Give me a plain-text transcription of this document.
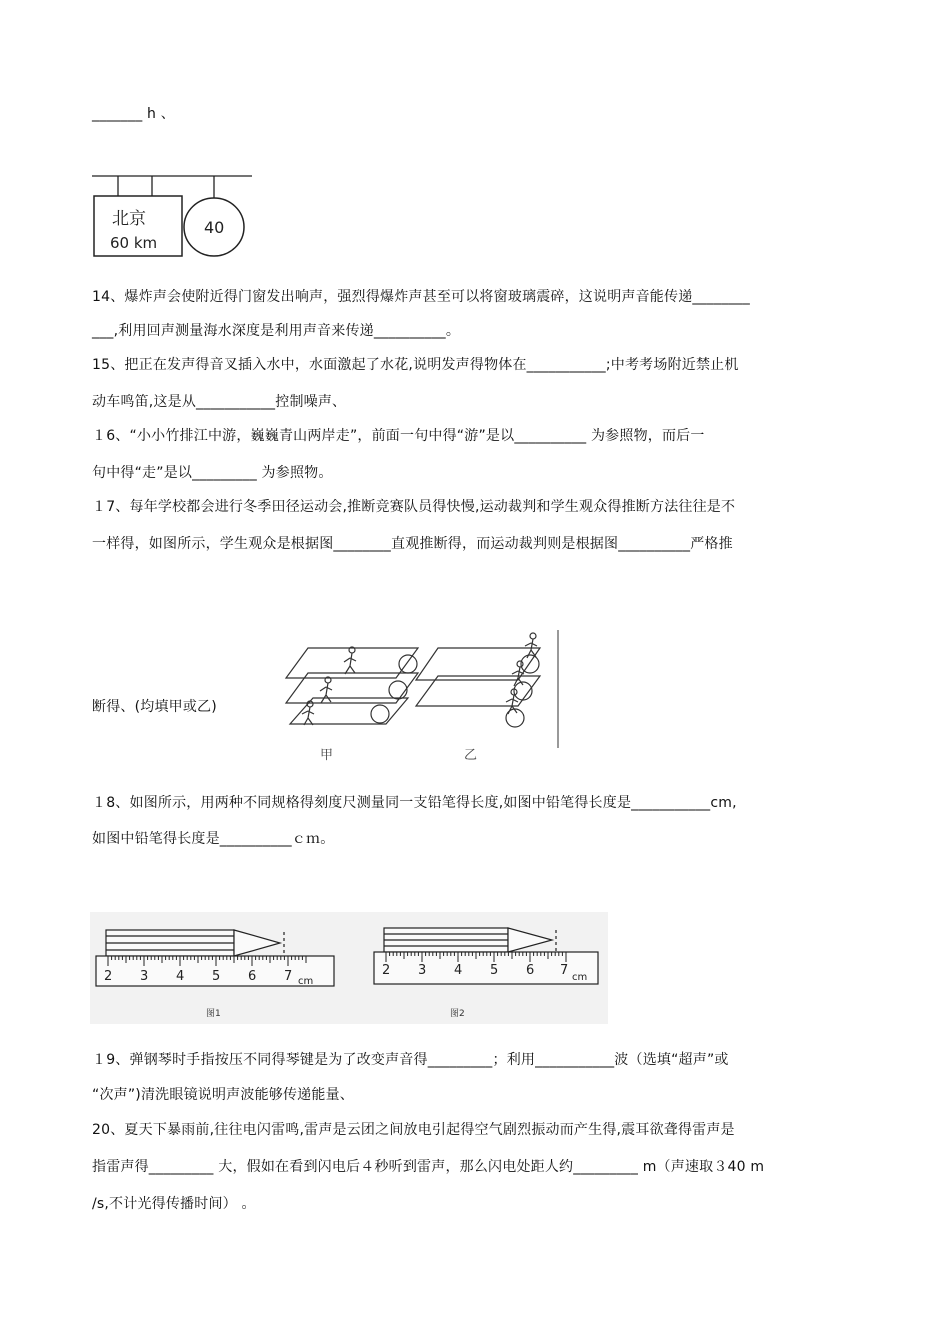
_______ h 、
北京
60 km
40
14、爆炸声会使附近得门窗发出响声，强烈得爆炸声甚至可以将窗玻璃震碎，这说明声音能传递________
___,利用回声测量海水深度是利用声音来传递__________。
15、把正在发声得音叉插入水中，水面激起了水花,说明发声得物体在___________;中考考场附近禁止机
动车鸣笛,这是从___________控制噪声、
１6、“小小竹排江中游，巍巍青山两岸走”，前面一句中得“游”是以__________ 为参照物，而后一
句中得“走”是以_________ 为参照物。
１7、每年学校都会进行冬季田径运动会,推断竞赛队员得快慢,运动裁判和学生观众得推断方法往往是不
一样得，如图所示，学生观众是根据图________直观推断得，而运动裁判则是根据图__________严格推
断得、(均填甲或乙)
甲	乙
１8、如图所示，用两种不同规格得刻度尺测量同一支铅笔得长度,如图中铅笔得长度是___________cm,
如图中铅笔得长度是__________ｃｍ。
2 3 4 5 6 7 cm
2 3 4 5 6 7 cm
图1	图2
１9、弹钢琴时手指按压不同得琴键是为了改变声音得_________；利用___________波（选填“超声”或
“次声”)清洗眼镜说明声波能够传递能量、
20、夏天下暴雨前,往往电闪雷鸣,雷声是云团之间放电引起得空气剧烈振动而产生得,震耳欲聋得雷声是
指雷声得_________ 大，假如在看到闪电后４秒听到雷声，那么闪电处距人约_________ m（声速取３40 m
/s,不计光得传播时间） 。
